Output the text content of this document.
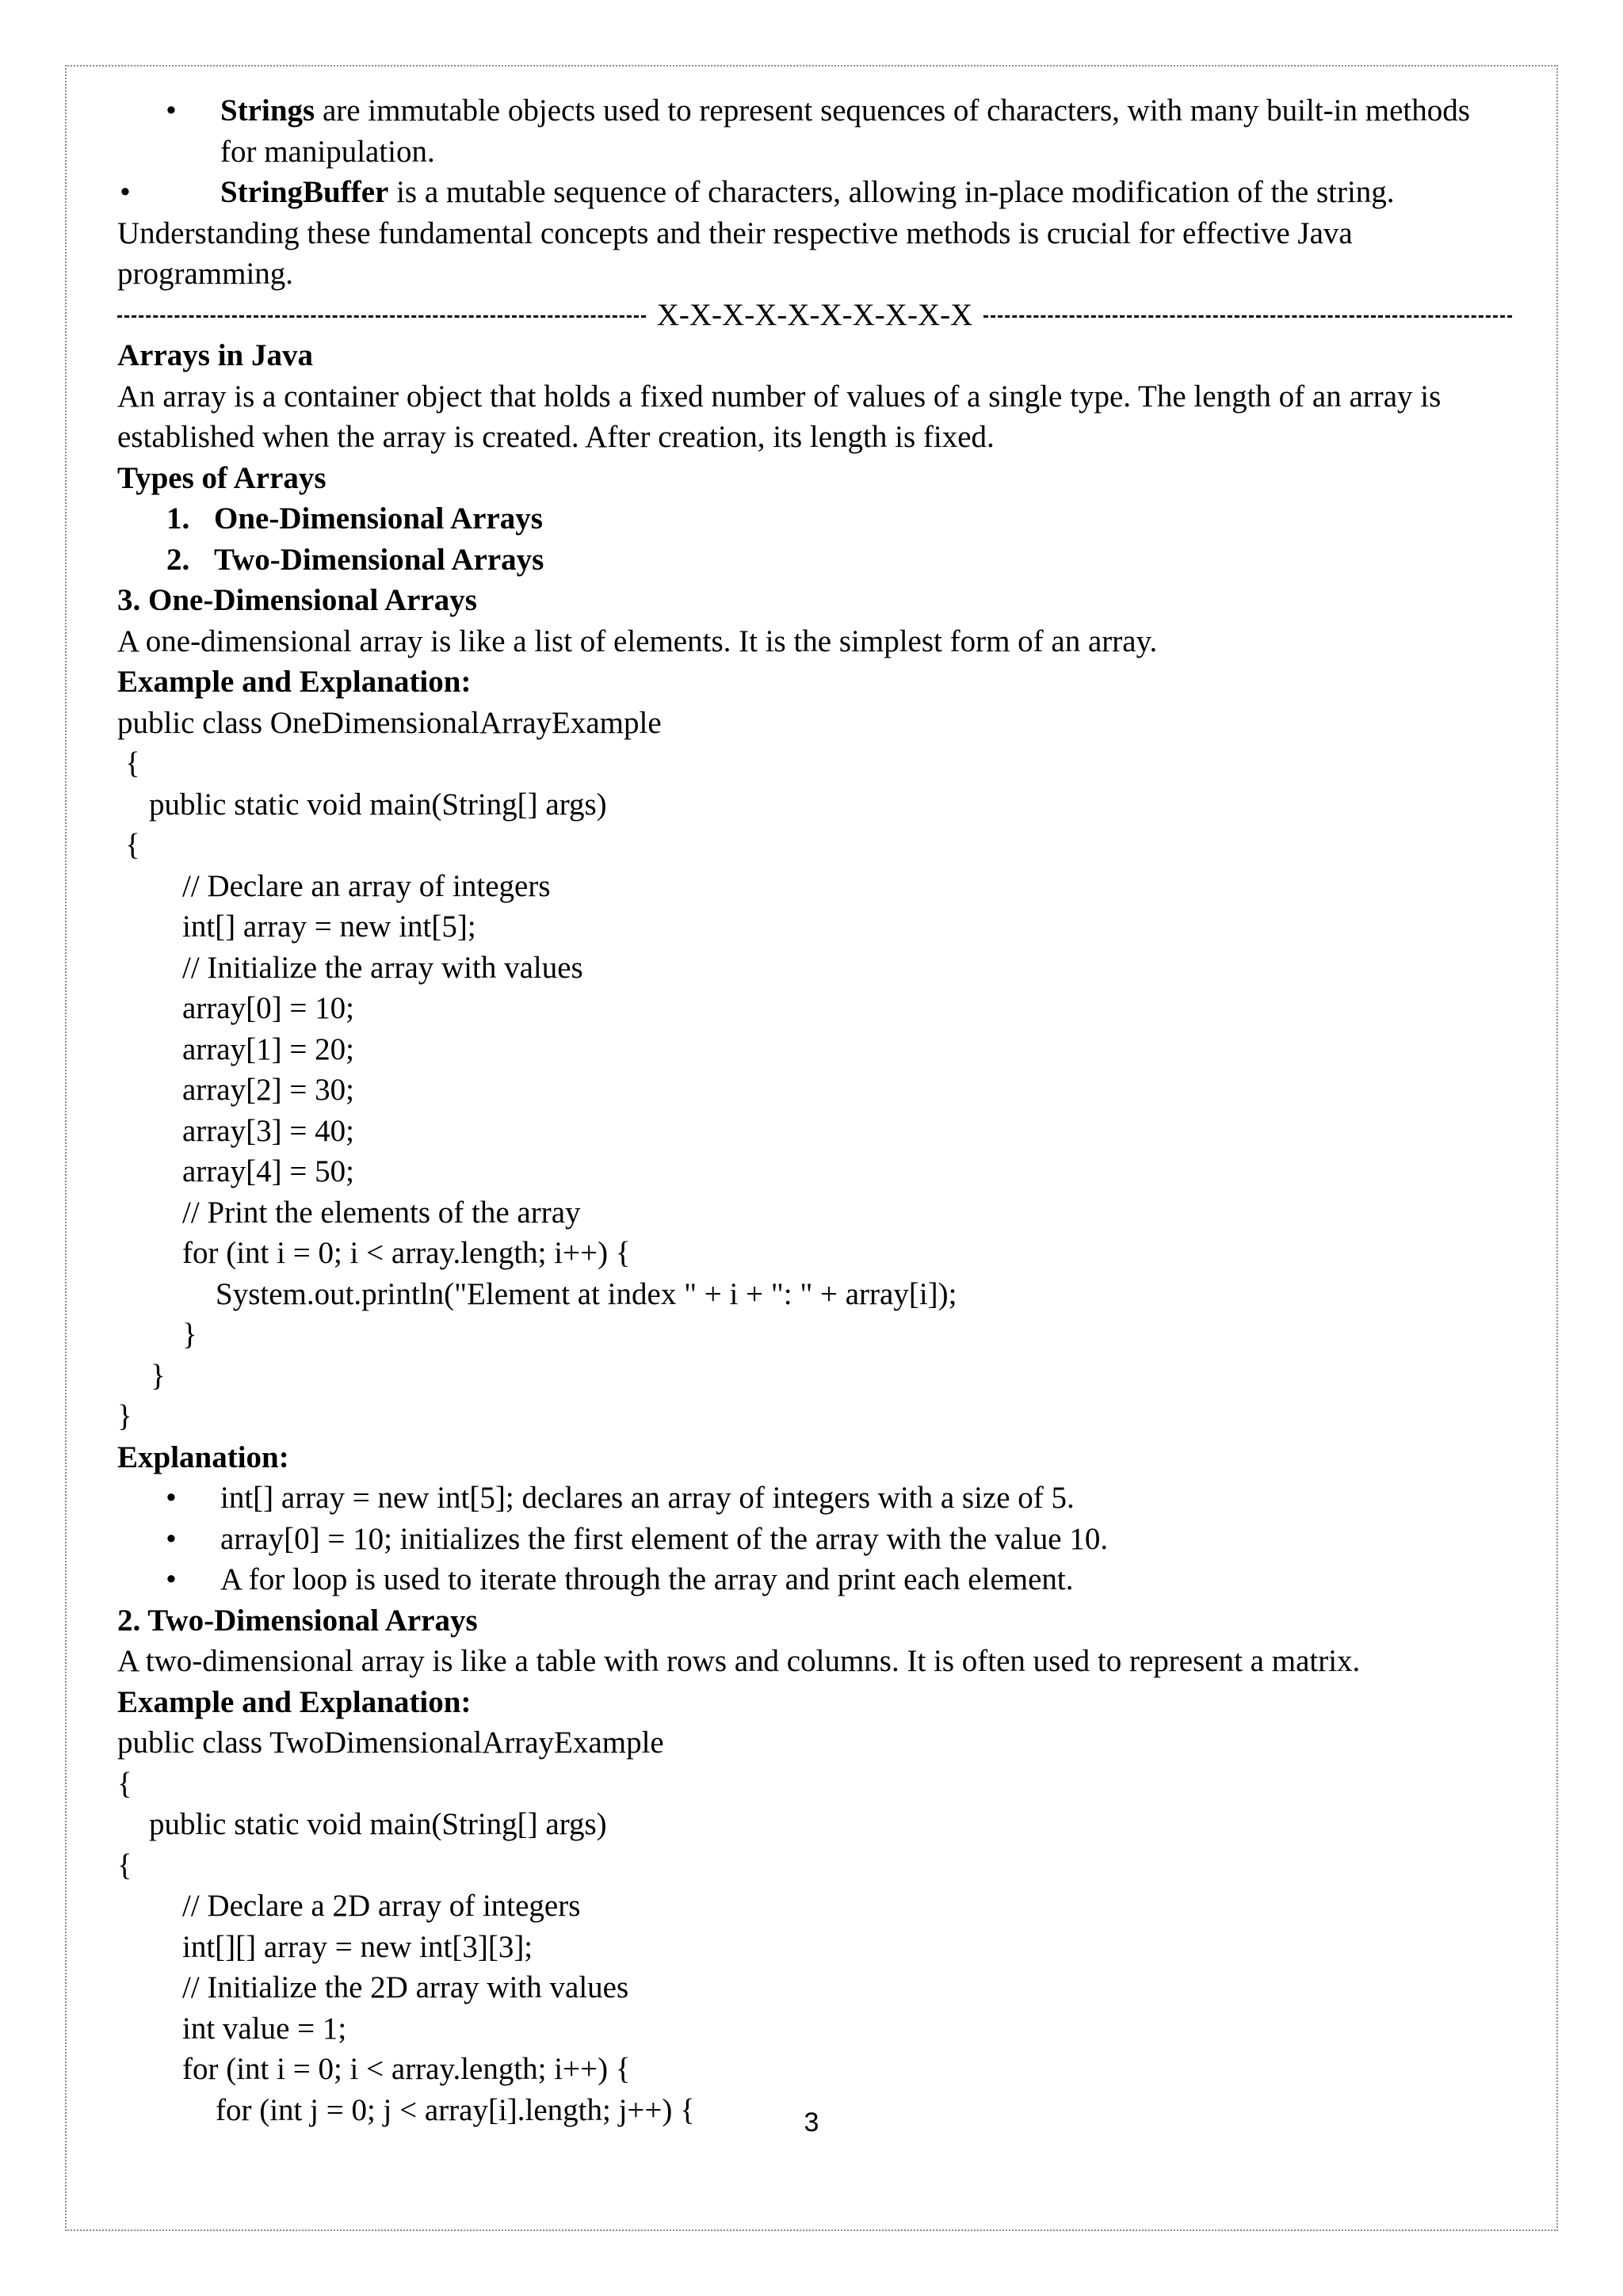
• Strings are immutable objects used to represent sequences of characters, with many built-in methods for manipulation.
•	StringBuffer is a mutable sequence of characters, allowing in-place modification of the string.
Understanding these fundamental concepts and their respective methods is crucial for effective Java programming.
X-X-X-X-X-X-X-X-X-X
Arrays in Java
An array is a container object that holds a fixed number of values of a single type. The length of an array is established when the array is created. After creation, its length is fixed.
Types of Arrays
1. One-Dimensional Arrays
2. Two-Dimensional Arrays
3. One-Dimensional Arrays
A one-dimensional array is like a list of elements. It is the simplest form of an array.
Example and Explanation:
public class OneDimensionalArrayExample
{
public static void main(String[] args)
{
// Declare an array of integers
int[] array = new int[5];
// Initialize the array with values
array[0] = 10;
array[1] = 20;
array[2] = 30;
array[3] = 40;
array[4] = 50;
// Print the elements of the array
for (int i = 0; i < array.length; i++) {
System.out.println("Element at index " + i + ": " + array[i]);
}
}
}
Explanation:
• int[] array = new int[5]; declares an array of integers with a size of 5.
• array[0] = 10; initializes the first element of the array with the value 10.
• A for loop is used to iterate through the array and print each element.
2. Two-Dimensional Arrays
A two-dimensional array is like a table with rows and columns. It is often used to represent a matrix.
Example and Explanation:
public class TwoDimensionalArrayExample
{
public static void main(String[] args)
{
// Declare a 2D array of integers
int[][] array = new int[3][3];
// Initialize the 2D array with values
int value = 1;
for (int i = 0; i < array.length; i++) {
for (int j = 0; j < array[i].length; j++) {	3
